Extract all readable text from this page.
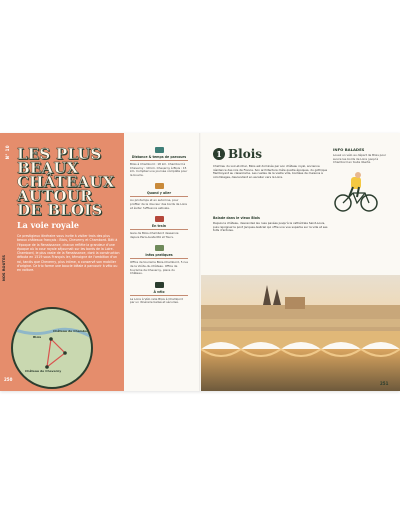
N° 10
NOS ROUTES
LES PLUS BEAUX CHÂTEAUX AUTOUR DE BLOIS
La voie royale
Ce prestigieux itinéraire vous invite à visiter trois des plus beaux châteaux français : Blois, Cheverny et Chambord. Bâti à l'époque de la Renaissance, chacun reflète la grandeur d'une époque où la cour royale séjournait sur les bords de la Loire. Chambord, le plus vaste de la Renaissance, dont la construction débuta en 1519 sous François Ier, témoigne de l'ambition d'un roi, tandis que Cheverny, plus intime, a conservé son mobilier d'origine. Ce trio forme une boucle idéale à parcourir à vélo ou en voiture.
Château de Chambord
Château de Cheverny
Blois
250
Distance & temps de parcours
Blois à Chambord : 18 km. Chambord à Cheverny : 19 km. Cheverny à Blois : 15 km. Comptez une journée complète pour la boucle.
Quand y aller
Au printemps et en automne, pour profiter de la douceur des bords de Loire et éviter l'affluence estivale.
En train
Gare de Blois-Chambord desservie depuis Paris-Austerlitz et Tours.
Infos pratiques
Office de tourisme Blois-Chambord, 5 rue de la Voûte-du-Château. Office de tourisme de Cheverny, place du Château.
À vélo
La Loire à Vélo relie Blois à Chambord par un itinéraire balisé et sécurisé.
1 Blois
Chef-lieu du Loir-et-Cher, Blois est dominée par son château royal, ancienne résidence des rois de France. Son architecture mêle quatre époques, du gothique flamboyant au classicisme. Les ruelles de la vieille ville, bordées de maisons à colombages, descendent en escalier vers la Loire.
Balade dans le vieux Blois
Depuis le château, descendez les rues pavées jusqu'à la cathédrale Saint-Louis, puis rejoignez le pont Jacques-Gabriel qui offre une vue superbe sur la ville et ses toits d'ardoise.
INFO BALADES
Louez un vélo au départ de Blois pour suivre les bords de Loire jusqu'à Chambord en toute liberté.
251
